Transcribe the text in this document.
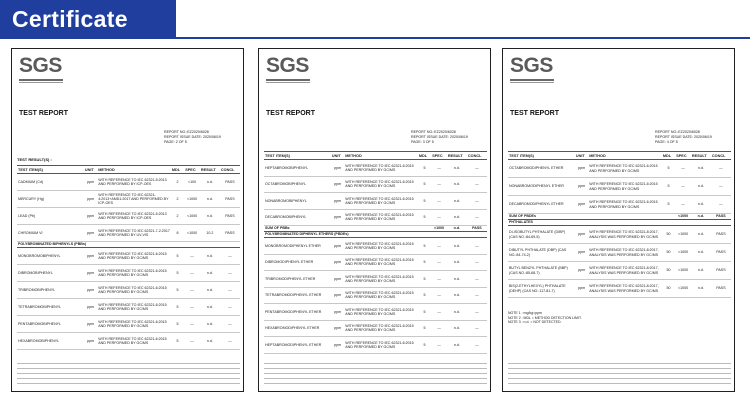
Certificate
SGS
TEST REPORT
REPORT NO.:EZ2020/6028
REPORT ISSUE DATE: 2020/06/19
PAGE: 2 OF 5
TEST RESULT(S) :
TEST ITEM(S)	UNIT	METHOD	MDL	SPEC	RESULT	CONCL
CADMIUM (Cd)	ppm	WITH REFERENCE TO IEC 62321-5:2013 AND PERFORMED BY ICP-OES	2	<100	n.d.	PASS
MERCURY (Hg)	ppm	WITH REFERENCE TO IEC 62321-4:2013+AMD1:2017 AND PERFORMED BY ICP-OES	2	<1000	n.d.	PASS
LEAD (Pb)	ppm	WITH REFERENCE TO IEC 62321-5:2013 AND PERFORMED BY ICP-OES	2	<1000	n.d.	PASS
CHROMIUM VI	ppm	WITH REFERENCE TO IEC 62321-7-2:2017 AND PERFORMED BY UV-VIS	8	<1000	10.2	PASS
POLYBROMINATED BIPHENYLS (PBBs)						
MONOBROMOBIPHENYL	ppm	WITH REFERENCE TO IEC 62321-6:2015 AND PERFORMED BY GC/MS	5	—	n.d.	—
DIBROMOBIPHENYL	ppm	WITH REFERENCE TO IEC 62321-6:2015 AND PERFORMED BY GC/MS	5	—	n.d.	—
TRIBROMOBIPHENYL	ppm	WITH REFERENCE TO IEC 62321-6:2015 AND PERFORMED BY GC/MS	5	—	n.d.	—
TETRABROMOBIPHENYL	ppm	WITH REFERENCE TO IEC 62321-6:2015 AND PERFORMED BY GC/MS	5	—	n.d.	—
PENTABROMOBIPHENYL	ppm	WITH REFERENCE TO IEC 62321-6:2015 AND PERFORMED BY GC/MS	5	—	n.d.	—
HEXABROMOBIPHENYL	ppm	WITH REFERENCE TO IEC 62321-6:2015 AND PERFORMED BY GC/MS	5	—	n.d.	—
SGS
TEST REPORT
REPORT NO.:EZ2020/6028
REPORT ISSUE DATE: 2020/06/19
PAGE: 3 OF 5
TEST ITEM(S)	UNIT	METHOD	MDL	SPEC	RESULT	CONCL
HEPTABROMOBIPHENYL	ppm	WITH REFERENCE TO IEC 62321-6:2015 AND PERFORMED BY GC/MS	5	—	n.d.	—
OCTABROMOBIPHENYL	ppm	WITH REFERENCE TO IEC 62321-6:2015 AND PERFORMED BY GC/MS	5	—	n.d.	—
NONABROMOBIPHENYL	ppm	WITH REFERENCE TO IEC 62321-6:2015 AND PERFORMED BY GC/MS	5	—	n.d.	—
DECABROMOBIPHENYL	ppm	WITH REFERENCE TO IEC 62321-6:2015 AND PERFORMED BY GC/MS	5	—	n.d.	—
SUM OF PBBs				<1000	n.d.	PASS
POLYBROMINATED DIPHENYL ETHERS (PBDEs)						
MONOBROMODIPHENYL ETHER	ppm	WITH REFERENCE TO IEC 62321-6:2015 AND PERFORMED BY GC/MS	5	—	n.d.	—
DIBROMODIPHENYL ETHER	ppm	WITH REFERENCE TO IEC 62321-6:2015 AND PERFORMED BY GC/MS	5	—	n.d.	—
TRIBROMODIPHENYL ETHER	ppm	WITH REFERENCE TO IEC 62321-6:2015 AND PERFORMED BY GC/MS	5	—	n.d.	—
TETRABROMODIPHENYL ETHER	ppm	WITH REFERENCE TO IEC 62321-6:2015 AND PERFORMED BY GC/MS	5	—	n.d.	—
PENTABROMODIPHENYL ETHER	ppm	WITH REFERENCE TO IEC 62321-6:2015 AND PERFORMED BY GC/MS	5	—	n.d.	—
HEXABROMODIPHENYL ETHER	ppm	WITH REFERENCE TO IEC 62321-6:2015 AND PERFORMED BY GC/MS	5	—	n.d.	—
HEPTABROMODIPHENYL ETHER	ppm	WITH REFERENCE TO IEC 62321-6:2015 AND PERFORMED BY GC/MS	5	—	n.d.	—
SGS
TEST REPORT
REPORT NO.:EZ2020/6028
REPORT ISSUE DATE: 2020/06/19
PAGE: 4 OF 5
TEST ITEM(S)	UNIT	METHOD	MDL	SPEC	RESULT	CONCL
OCTABROMODIPHENYL ETHER	ppm	WITH REFERENCE TO IEC 62321-6:2015 AND PERFORMED BY GC/MS	5	—	n.d.	—
NONABROMODIPHENYL ETHER	ppm	WITH REFERENCE TO IEC 62321-6:2015 AND PERFORMED BY GC/MS	5	—	n.d.	—
DECABROMODIPHENYL ETHER	ppm	WITH REFERENCE TO IEC 62321-6:2015 AND PERFORMED BY GC/MS	5	—	n.d.	—
SUM OF PBDEs				<1000	n.d.	PASS
PHTHALATES						
DI-ISOBUTYL PHTHALATE (DIBP) (CAS NO.:84-69-5)	ppm	WITH REFERENCE TO IEC 62321-8:2017, ANALYSIS WAS PERFORMED BY GC/MS	50	<1000	n.d.	PASS
DIBUTYL PHTHALATE (DBP) (CAS NO.:84-74-2)	ppm	WITH REFERENCE TO IEC 62321-8:2017, ANALYSIS WAS PERFORMED BY GC/MS	50	<1000	n.d.	PASS
BUTYL BENZYL PHTHALATE (BBP) (CAS NO.:85-68-7)	ppm	WITH REFERENCE TO IEC 62321-8:2017, ANALYSIS WAS PERFORMED BY GC/MS	50	<1000	n.d.	PASS
BIS(2-ETHYLHEXYL) PHTHALATE (DEHP) (CAS NO.:117-81-7)	ppm	WITH REFERENCE TO IEC 62321-8:2017, ANALYSIS WAS PERFORMED BY GC/MS	50	<1000	n.d.	PASS
NOTE 1 : mg/kg=ppm
NOTE 2 : MDL = METHOD DETECTION LIMIT.
NOTE 3 : n.d. = NOT DETECTED.
